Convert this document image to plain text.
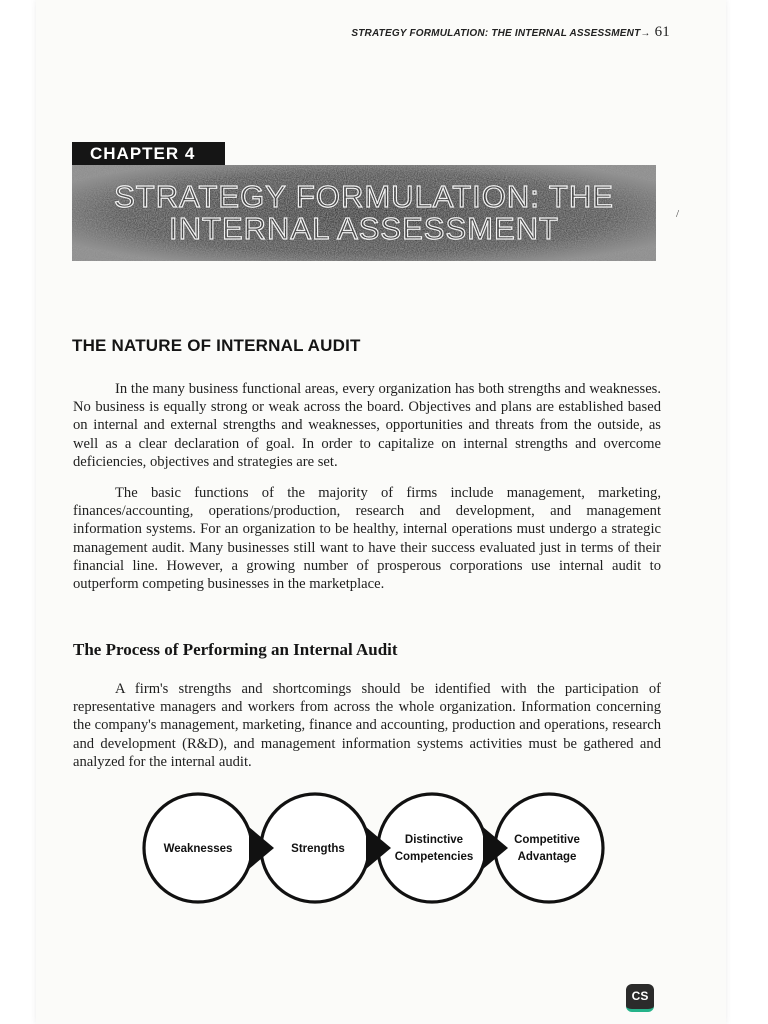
STRATEGY FORMULATION: THE INTERNAL ASSESSMENT→ 61
CHAPTER 4
STRATEGY FORMULATION: THE
INTERNAL ASSESSMENT
THE NATURE OF INTERNAL AUDIT

In the many business functional areas, every organization has both strengths and weaknesses. No business is equally strong or weak across the board. Objectives and plans are established based on internal and external strengths and weaknesses, opportunities and threats from the outside, as well as a clear declaration of goal. In order to capitalize on internal strengths and overcome deficiencies, objectives and strategies are set.

The basic functions of the majority of firms include management, marketing, finances/accounting, operations/production, research and development, and management information systems. For an organization to be healthy, internal operations must undergo a strategic management audit. Many businesses still want to have their success evaluated just in terms of their financial line. However, a growing number of prosperous corporations use internal audit to outperform competing businesses in the marketplace.

The Process of Performing an Internal Audit

A firm's strengths and shortcomings should be identified with the participation of representative managers and workers from across the whole organization. Information concerning the company's management, marketing, finance and accounting, production and operations, research and development (R&D), and management information systems activities must be gathered and analyzed for the internal audit.

Weaknesses	Strengths
Distinctive
Competencies
Competitive
Advantage
/
CS
